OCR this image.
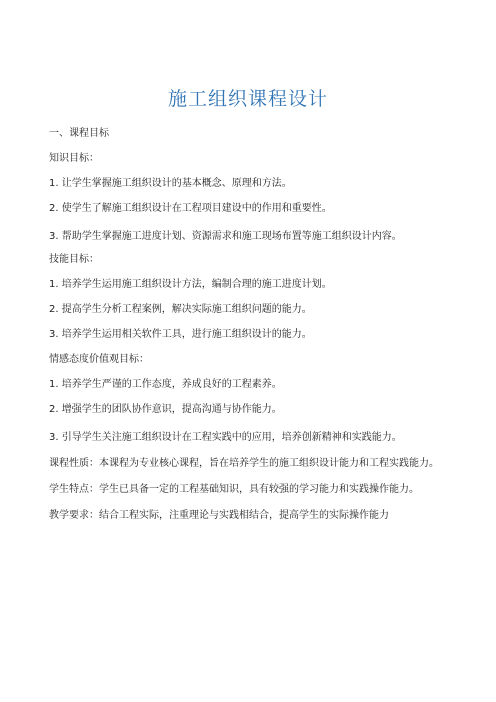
施工组织课程设计
一、课程目标
知识目标：
1. 让学生掌握施工组织设计的基本概念、原理和方法。
2. 使学生了解施工组织设计在工程项目建设中的作用和重要性。
3. 帮助学生掌握施工进度计划、资源需求和施工现场布置等施工组织设计内容。
技能目标：
1. 培养学生运用施工组织设计方法，编制合理的施工进度计划。
2. 提高学生分析工程案例，解决实际施工组织问题的能力。
3. 培养学生运用相关软件工具，进行施工组织设计的能力。
情感态度价值观目标：
1. 培养学生严谨的工作态度，养成良好的工程素养。
2. 增强学生的团队协作意识，提高沟通与协作能力。
3. 引导学生关注施工组织设计在工程实践中的应用，培养创新精神和实践能力。
课程性质：本课程为专业核心课程，旨在培养学生的施工组织设计能力和工程实践能力。
学生特点：学生已具备一定的工程基础知识，具有较强的学习能力和实践操作能力。
教学要求：结合工程实际，注重理论与实践相结合，提高学生的实际操作能力
